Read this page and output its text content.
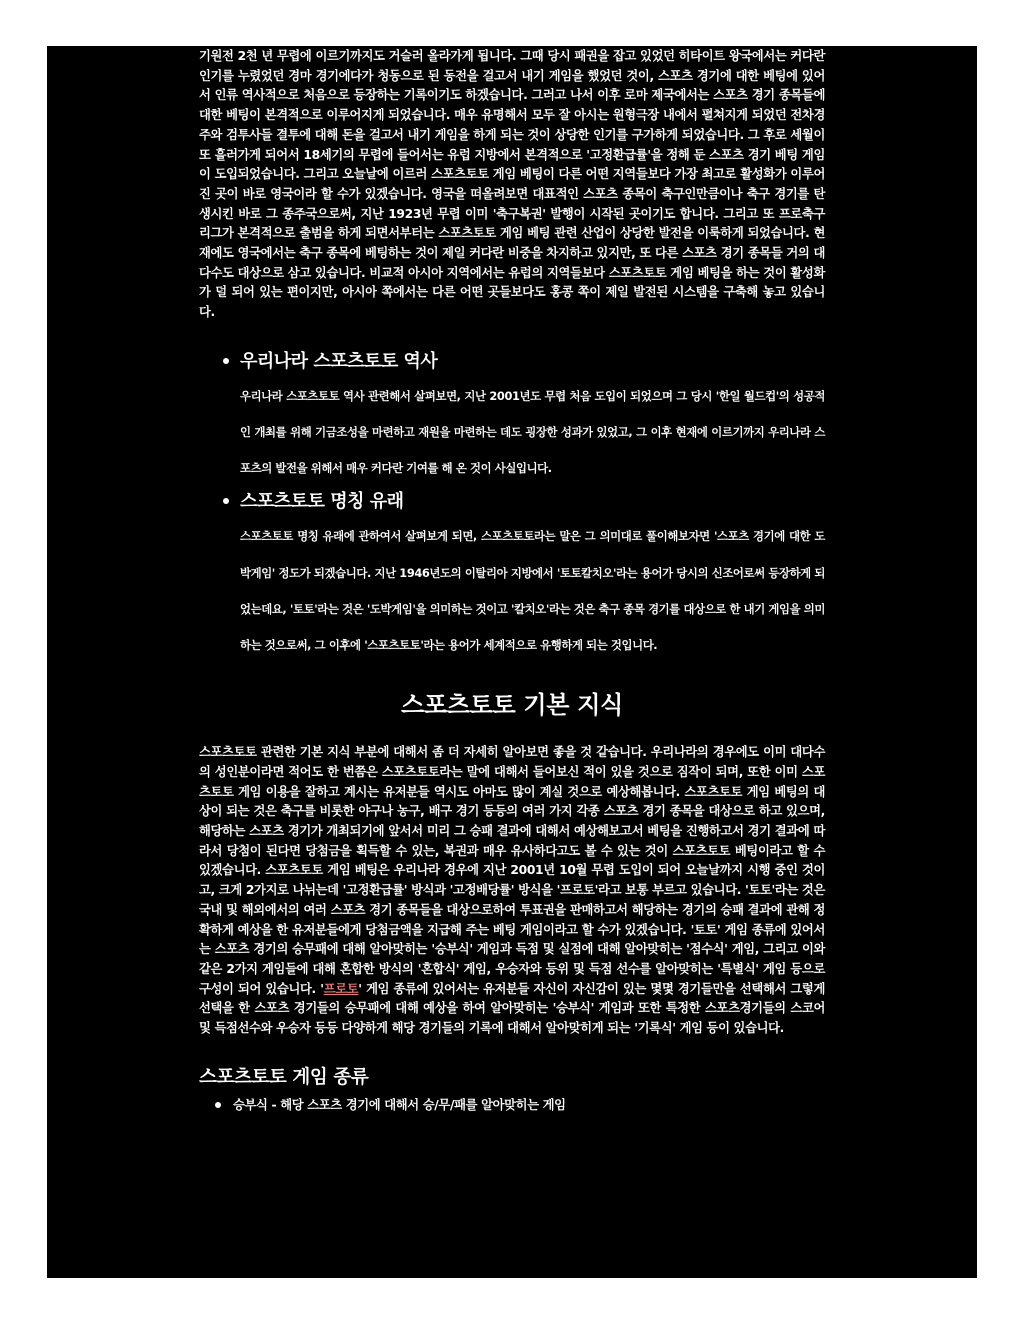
기원전 2천 년 무렵에 이르기까지도 거슬러 올라가게 됩니다. 그때 당시 패권을 잡고 있었던 히타이트 왕국에서는 커다란 인기를 누렸었던 경마 경기에다가 청동으로 된 동전을 걸고서 내기 게임을 했었던 것이, 스포츠 경기에 대한 베팅에 있어서 인류 역사적으로 처음으로 등장하는 기록이기도 하겠습니다. 그러고 나서 이후 로마 제국에서는 스포츠 경기 종목들에 대한 베팅이 본격적으로 이루어지게 되었습니다. 매우 유명해서 모두 잘 아시는 원형극장 내에서 펼쳐지게 되었던 전차경주와 검투사들 결투에 대해 돈을 걸고서 내기 게임을 하게 되는 것이 상당한 인기를 구가하게 되었습니다. 그 후로 세월이 또 흘러가게 되어서 18세기의 무렵에 들어서는 유럽 지방에서 본격적으로 '고정환급률'을 정해 둔 스포츠 경기 베팅 게임이 도입되었습니다. 그리고 오늘날에 이르러 스포츠토토 게임 베팅이 다른 어떤 지역들보다 가장 최고로 활성화가 이루어진 곳이 바로 영국이라 할 수가 있겠습니다. 영국을 떠올려보면 대표적인 스포츠 종목이 축구인만큼이나 축구 경기를 탄생시킨 바로 그 종주국으로써, 지난 1923년 무렵 이미 '축구복권' 발행이 시작된 곳이기도 합니다. 그리고 또 프로축구 리그가 본격적으로 출범을 하게 되면서부터는 스포츠토토 게임 베팅 관련 산업이 상당한 발전을 이룩하게 되었습니다. 현재에도 영국에서는 축구 종목에 베팅하는 것이 제일 커다란 비중을 차지하고 있지만, 또 다른 스포츠 경기 종목들 거의 대다수도 대상으로 삼고 있습니다. 비교적 아시아 지역에서는 유럽의 지역들보다 스포츠토토 게임 베팅을 하는 것이 활성화가 덜 되어 있는 편이지만, 아시아 쪽에서는 다른 어떤 곳들보다도 홍콩 쪽이 제일 발전된 시스템을 구축해 놓고 있습니다.

우리나라 스포츠토토 역사

우리나라 스포츠토토 역사 관련해서 살펴보면, 지난 2001년도 무렵 처음 도입이 되었으며 그 당시 '한일 월드컵'의 성공적인 개최를 위해 기금조성을 마련하고 재원을 마련하는 데도 굉장한 성과가 있었고, 그 이후 현재에 이르기까지 우리나라 스포츠의 발전을 위해서 매우 커다란 기여를 해 온 것이 사실입니다.

스포츠토토 명칭 유래

스포츠토토 명칭 유래에 관하여서 살펴보게 되면, 스포츠토토라는 말은 그 의미대로 풀이해보자면 '스포츠 경기에 대한 도박게임' 정도가 되겠습니다. 지난 1946년도의 이탈리아 지방에서 '토토칼치오'라는 용어가 당시의 신조어로써 등장하게 되었는데요, '토토'라는 것은 '도박게임'을 의미하는 것이고 '칼치오'라는 것은 축구 종목 경기를 대상으로 한 내기 게임을 의미하는 것으로써, 그 이후에 '스포츠토토'라는 용어가 세계적으로 유행하게 되는 것입니다.

스포츠토토 기본 지식

스포츠토토 관련한 기본 지식 부분에 대해서 좀 더 자세히 알아보면 좋을 것 같습니다. 우리나라의 경우에도 이미 대다수의 성인분이라면 적어도 한 번쯤은 스포츠토토라는 말에 대해서 들어보신 적이 있을 것으로 짐작이 되며, 또한 이미 스포츠토토 게임 이용을 잘하고 계시는 유저분들 역시도 아마도 많이 계실 것으로 예상해봅니다. 스포츠토토 게임 베팅의 대상이 되는 것은 축구를 비롯한 야구나 농구, 배구 경기 등등의 여러 가지 각종 스포츠 경기 종목을 대상으로 하고 있으며, 해당하는 스포츠 경기가 개최되기에 앞서서 미리 그 승패 결과에 대해서 예상해보고서 베팅을 진행하고서 경기 결과에 따라서 당첨이 된다면 당첨금을 획득할 수 있는, 복권과 매우 유사하다고도 볼 수 있는 것이 스포츠토토 베팅이라고 할 수 있겠습니다. 스포츠토토 게임 베팅은 우리나라 경우에 지난 2001년 10월 무렵 도입이 되어 오늘날까지 시행 중인 것이고, 크게 2가지로 나뉘는데 '고정환급률' 방식과 '고정배당률' 방식을 '프로토'라고 보통 부르고 있습니다. '토토'라는 것은 국내 및 해외에서의 여러 스포츠 경기 종목들을 대상으로하여 투표권을 판매하고서 해당하는 경기의 승패 결과에 관해 정확하게 예상을 한 유저분들에게 당첨금액을 지급해 주는 베팅 게임이라고 할 수가 있겠습니다. '토토' 게임 종류에 있어서는 스포츠 경기의 승무패에 대해 알아맞히는 '승부식' 게임과 득점 및 실점에 대해 알아맞히는 '점수식' 게임, 그리고 이와 같은 2가지 게임들에 대해 혼합한 방식의 '혼합식' 게임, 우승자와 등위 및 득점 선수를 알아맞히는 '특별식' 게임 등으로 구성이 되어 있습니다. '프로토' 게임 종류에 있어서는 유저분들 자신이 자신감이 있는 몇몇 경기들만을 선택해서 그렇게 선택을 한 스포츠 경기들의 승무패에 대해 예상을 하여 알아맞히는 '승부식' 게임과 또한 특정한 스포츠경기들의 스코어 및 득점선수와 우승자 등등 다양하게 해당 경기들의 기록에 대해서 알아맞히게 되는 '기록식' 게임 등이 있습니다.

스포츠토토 게임 종류
승부식 - 해당 스포츠 경기에 대해서 승/무/패를 알아맞히는 게임
